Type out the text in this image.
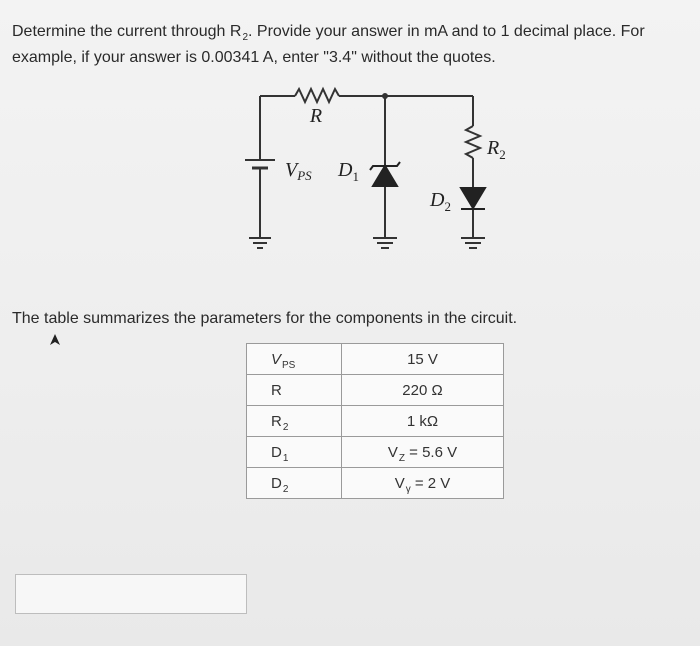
Determine the current through $R_2$. Provide your answer in mA and to 1 decimal place. For example, if your answer is 0.00341 A, enter "3.4" without the quotes.
R
$V_{PS}$ $D_1$
$D_2$
$R_2$
The table summarizes the parameters for the components in the circuit.
$V_{PS}$	15 V
R	220 Ω
$R_2$	1 kΩ
$D_1$	$V_Z = 5.6$ V
$D_2$	$V_\gamma = 2$ V
